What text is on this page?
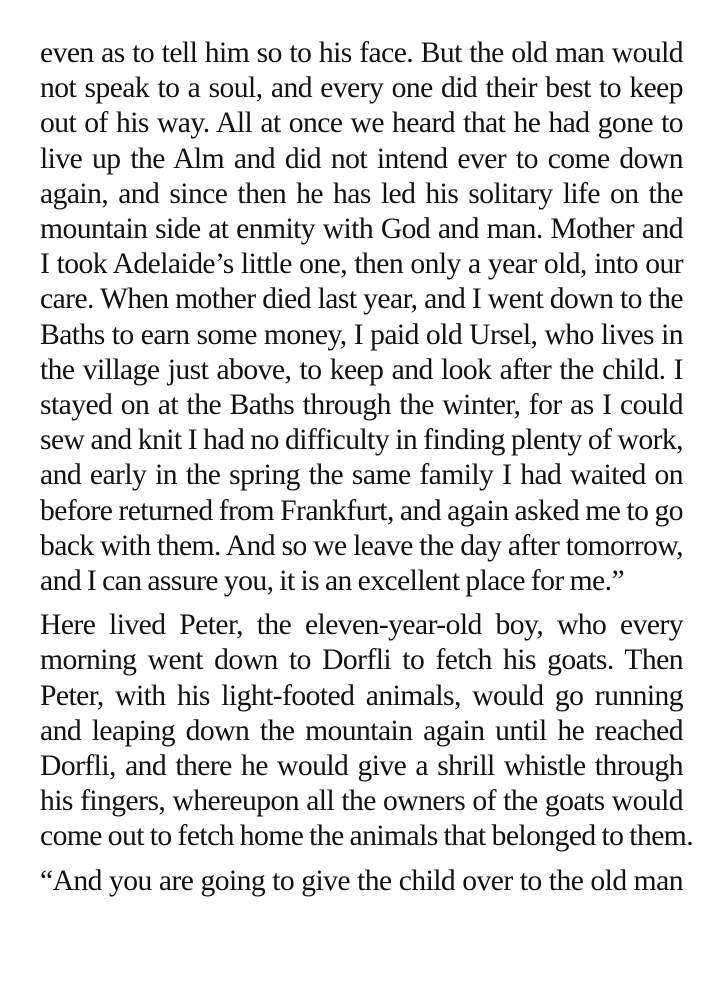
even as to tell him so to his face. But the old man would
not speak to a soul, and every one did their best to keep
out of his way. All at once we heard that he had gone to
live up the Alm and did not intend ever to come down
again, and since then he has led his solitary life on the
mountain side at enmity with God and man. Mother and
I took Adelaide’s little one, then only a year old, into our
care. When mother died last year, and I went down to the
Baths to earn some money, I paid old Ursel, who lives in
the village just above, to keep and look after the child. I
stayed on at the Baths through the winter, for as I could
sew and knit I had no difficulty in finding plenty of work,
and early in the spring the same family I had waited on
before returned from Frankfurt, and again asked me to go
back with them. And so we leave the day after tomorrow,
and I can assure you, it is an excellent place for me.”

Here lived Peter, the eleven-year-old boy, who every
morning went down to Dorfli to fetch his goats. Then
Peter, with his light-footed animals, would go running
and leaping down the mountain again until he reached
Dorfli, and there he would give a shrill whistle through
his fingers, whereupon all the owners of the goats would
come out to fetch home the animals that belonged to them.

“And you are going to give the child over to the old man
